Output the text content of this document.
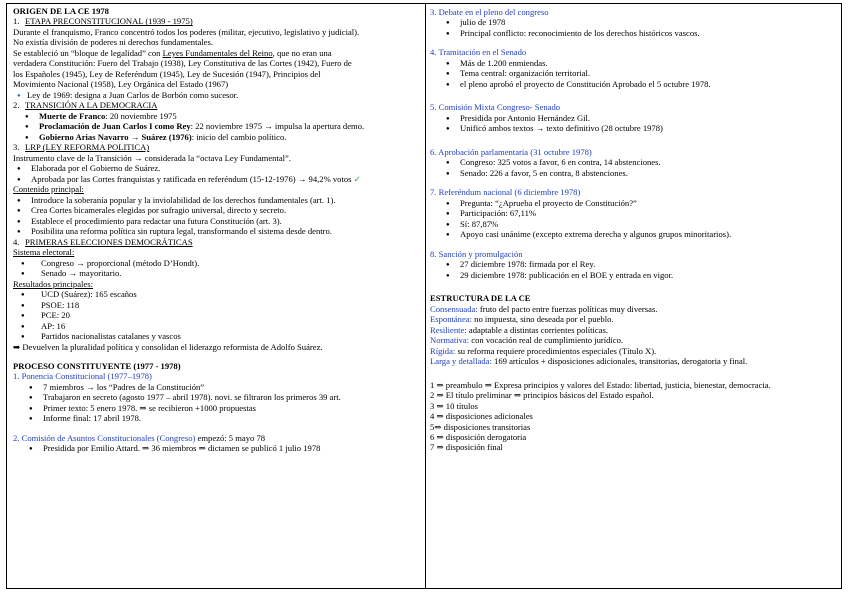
ORIGEN DE LA CE 1978
1. ETAPA PRECONSTITUCIONAL (1939 - 1975)
Durante el franquismo, Franco concentró todos los poderes (militar, ejecutivo, legislativo y judicial).
No existía división de poderes ni derechos fundamentales.
Se estableció un “bloque de legalidad” con Leyes Fundamentales del Reino, que no eran una
verdadera Constitución: Fuero del Trabajo (1938), Ley Constitutiva de las Cortes (1942), Fuero de
los Españoles (1945), Ley de Referéndum (1945), Ley de Sucesión (1947), Principios del
Movimiento Nacional (1958), Ley Orgánica del Estado (1967)
● Ley de 1969: designa a Juan Carlos de Borbón como sucesor.
2. TRANSICIÓN A LA DEMOCRACIA
● Muerte de Franco: 20 noviembre 1975
● Proclamación de Juan Carlos I como Rey: 22 noviembre 1975 → impulsa la apertura demo.
● Gobierno Arias Navarro → Suárez (1976): inicio del cambio político.
3. LRP (LEY REFORMA POLITICA)
Instrumento clave de la Transición → considerada la “octava Ley Fundamental”.
● Elaborada por el Gobierno de Suárez.
● Aprobada por las Cortes franquistas y ratificada en referéndum (15-12-1976) → 94,2% votos ✓
Contenido principal:
● Introduce la soberanía popular y la inviolabilidad de los derechos fundamentales (art. 1).
● Crea Cortes bicamerales elegidas por sufragio universal, directo y secreto.
● Establece el procedimiento para redactar una futura Constitución (art. 3).
● Posibilita una reforma política sin ruptura legal, transformando el sistema desde dentro.
4. PRIMERAS ELECCIONES DEMOCRÁTICAS
Sistema electoral:
● Congreso → proporcional (método D’Hondt).
● Senado → mayoritario.
Resultados principales:
● UCD (Suárez): 165 escaños
● PSOE: 118
● PCE: 20
● AP: 16
● Partidos nacionalistas catalanes y vascos
➡ Devuelven la pluralidad política y consolidan el liderazgo reformista de Adolfo Suárez.
PROCESO CONSTITUYENTE (1977 - 1978)
1. Ponencia Constitucional (1977–1978)
● 7 miembros → los “Padres de la Constitución”
● Trabajaron en secreto (agosto 1977 – abril 1978). novi. se filtraron los primeros 39 art.
● Primer texto: 5 enero 1978. ⇒ se recibieron +1000 propuestas
● Informe final: 17 abril 1978.
2. Comisión de Asuntos Constitucionales (Congreso) empezó: 5 mayo 78
● Presidida por Emilio Attard. ⇒ 36 miembros ⇒ dictamen se publicó 1 julio 1978
3. Debate en el pleno del congreso
● julio de 1978
● Principal conflicto: reconocimiento de los derechos históricos vascos.
4. Tramitación en el Senado
● Más de 1.200 enmiendas.
● Tema central: organización territorial.
● el pleno aprobó el proyecto de Constitución Aprobado el 5 octubre 1978.
5. Comisión Mixta Congreso- Senado
● Presidida por Antonio Hernández Gil.
● Unificó ambos textos → texto definitivo (28 octubre 1978)
6. Aprobación parlamentaria (31 octubre 1978)
● Congreso: 325 votos a favor, 6 en contra, 14 abstenciones.
● Senado: 226 a favor, 5 en contra, 8 abstenciones.
7. Referéndum nacional (6 diciembre 1978)
● Pregunta: “¿Aprueba el proyecto de Constitución?”
● Participación: 67,11%
● Sí: 87,87%
● Apoyo casi unánime (excepto extrema derecha y algunos grupos minoritarios).
8. Sanción y promulgación
● 27 diciembre 1978: firmada por el Rey.
● 29 diciembre 1978: publicación en el BOE y entrada en vigor.
ESTRUCTURA DE LA CE
Consensuada: fruto del pacto entre fuerzas políticas muy diversas.
Espontánea: no impuesta, sino deseada por el pueblo.
Resiliente: adaptable a distintas corrientes políticas.
Normativa: con vocación real de cumplimiento jurídico.
Rígida: su reforma requiere procedimientos especiales (Título X).
Larga y detallada: 169 artículos + disposiciones adicionales, transitorias, derogatoria y final.
1 ⇒ preambulo ⇒ Expresa principios y valores del Estado: libertad, justicia, bienestar, democracia.
2 ⇒ El título preliminar ⇒ principios básicos del Estado español.
3 ⇒ 10 títulos
4 ⇒ disposiciones adicionales
5⇒ disposiciones transitorias
6 ⇒ disposición derogatoria
7 ⇒ disposición final
